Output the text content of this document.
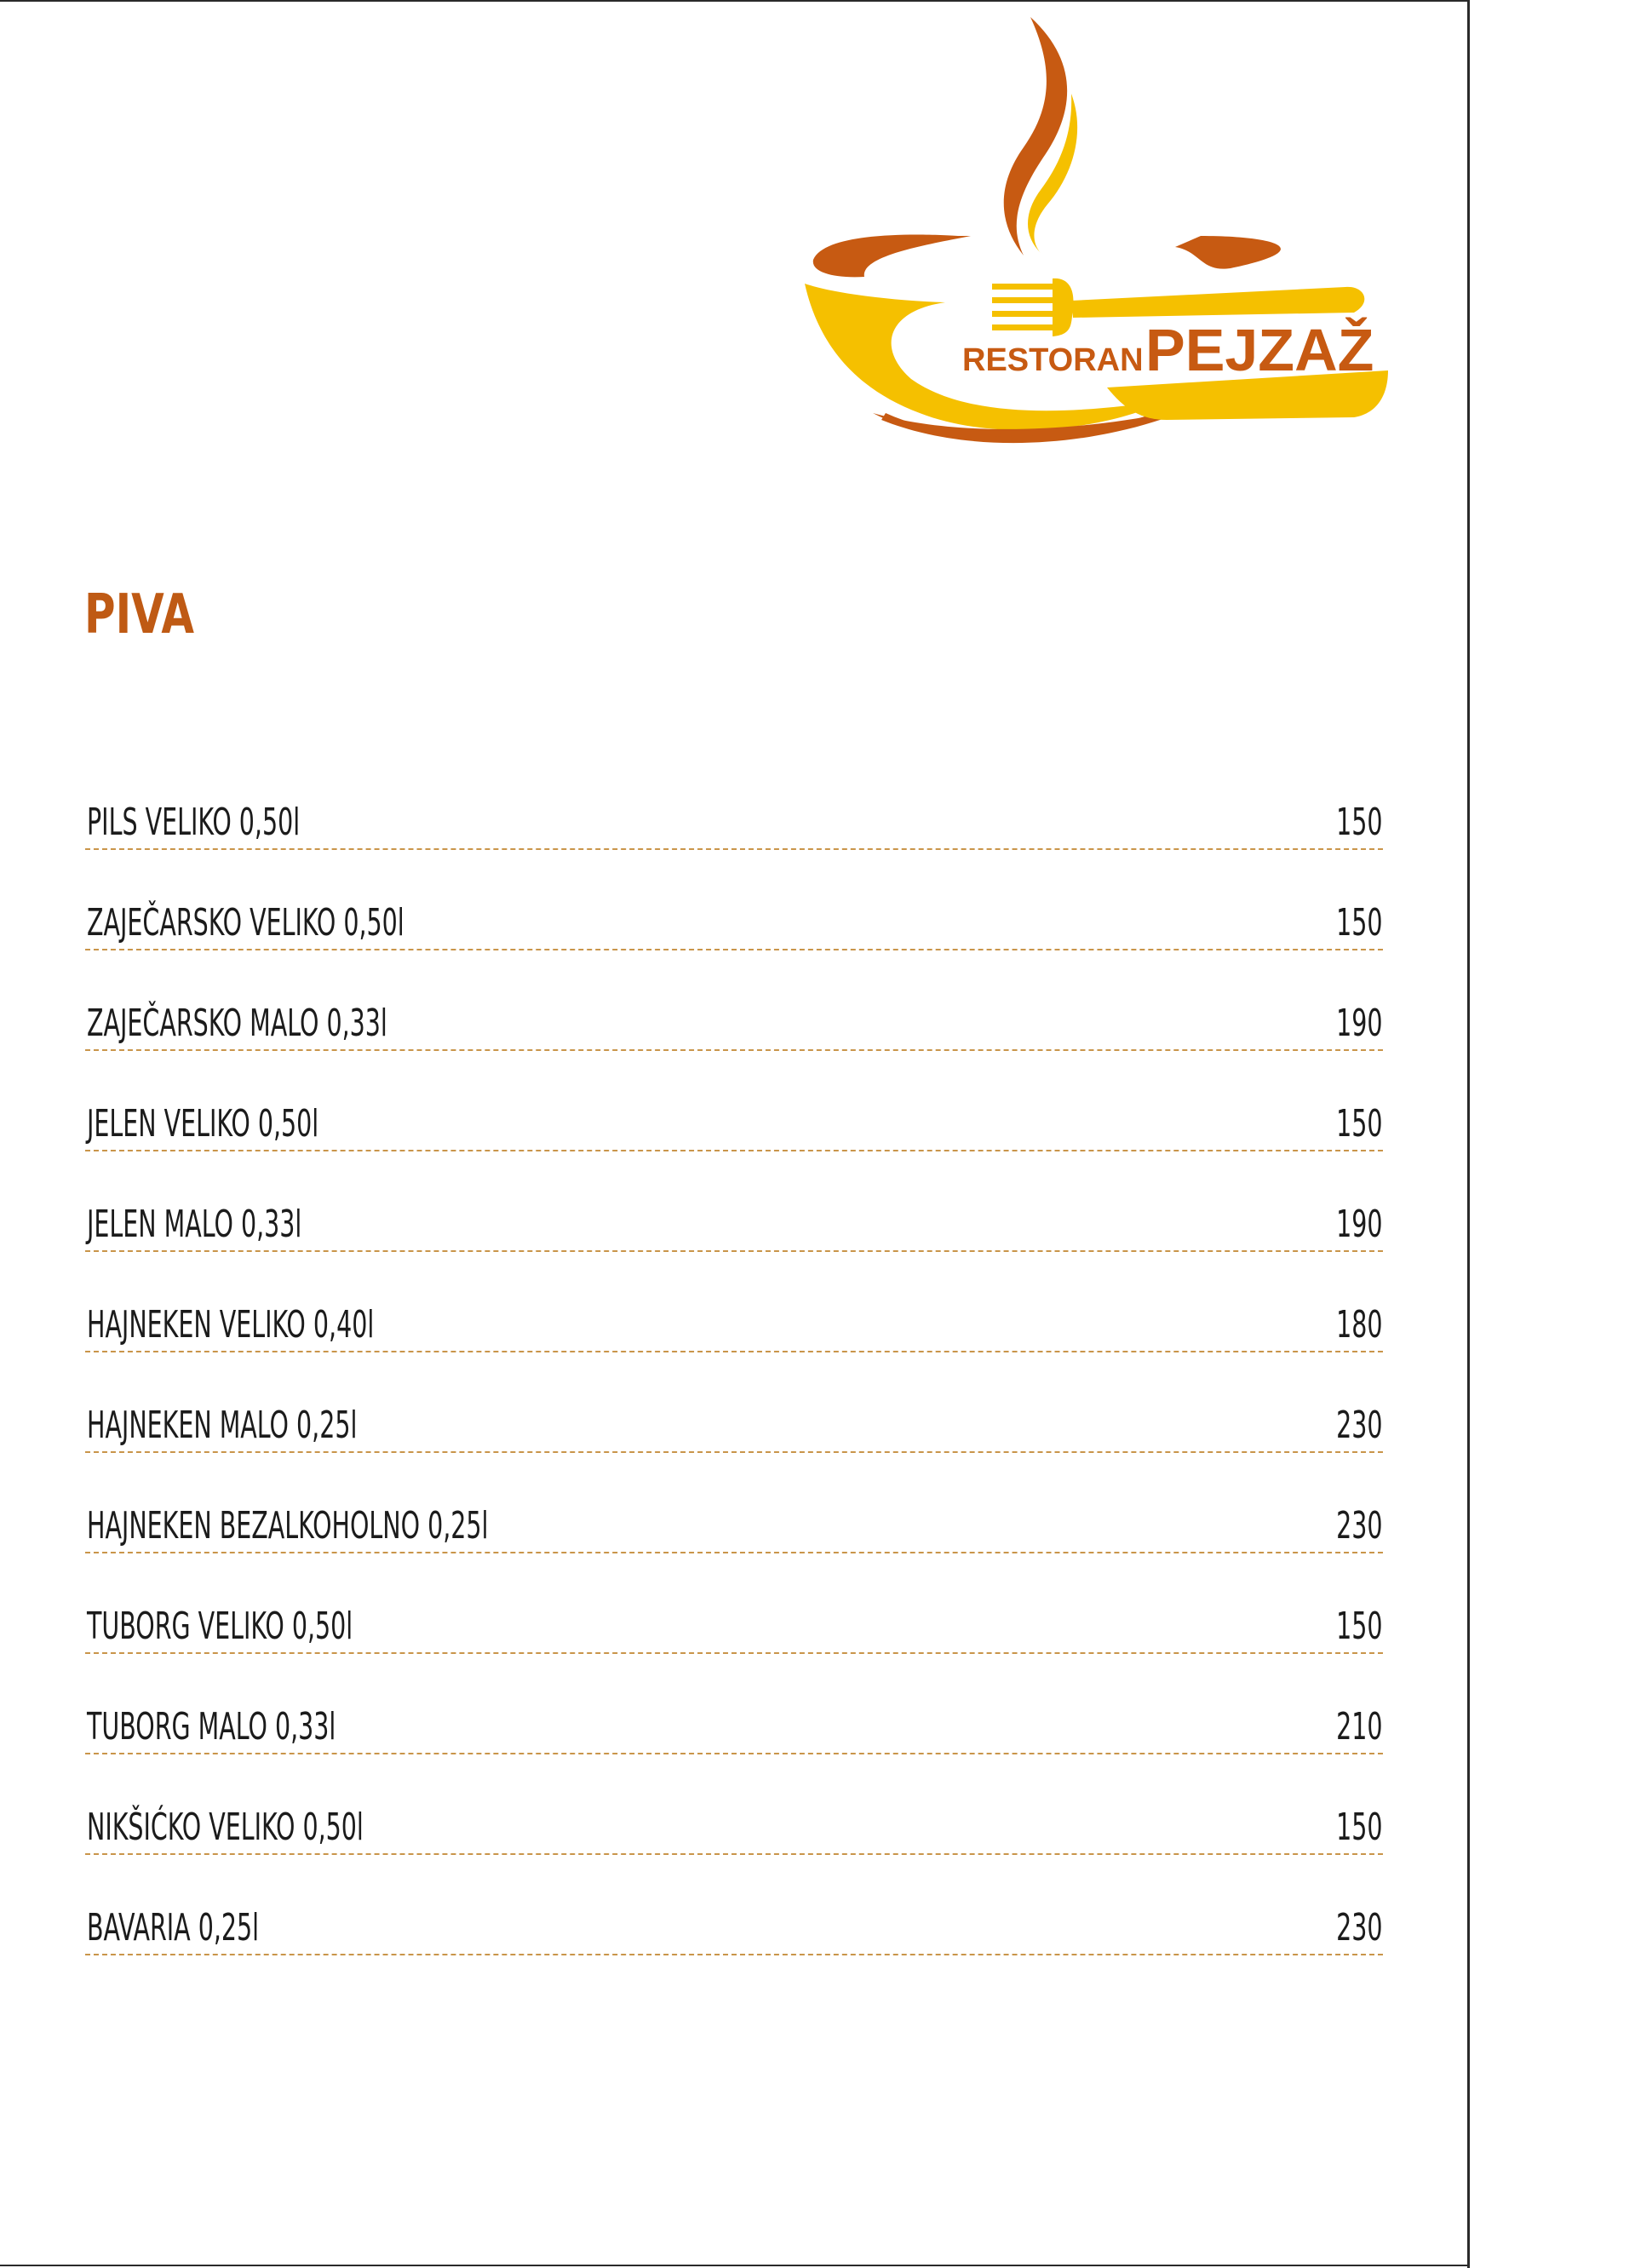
RESTORAN PEJZAŽ
PIVA
PILS VELIKO 0,50l	150
ZAJEČARSKO VELIKO 0,50l	150
ZAJEČARSKO MALO 0,33l	190
JELEN VELIKO 0,50l	150
JELEN MALO 0,33l	190
HAJNEKEN VELIKO 0,40l	180
HAJNEKEN MALO 0,25l	230
HAJNEKEN BEZALKOHOLNO 0,25l	230
TUBORG VELIKO 0,50l	150
TUBORG MALO 0,33l	210
NIKŠIĆKO VELIKO 0,50l	150
BAVARIA 0,25l	230
